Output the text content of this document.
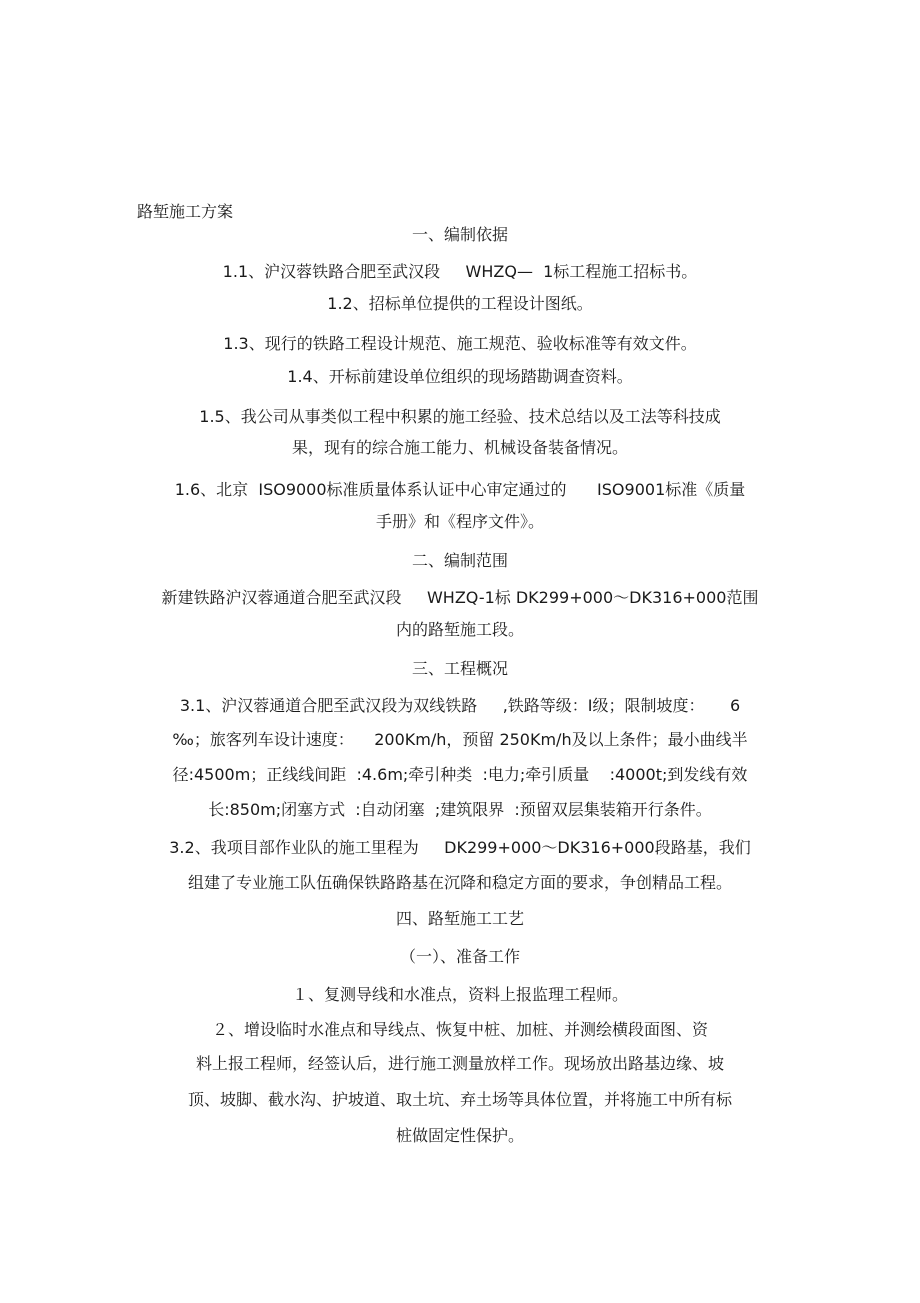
路堑施工方案

一、编制依据

1.1、沪汉蓉铁路合肥至武汉段     WHZQ—  1标工程施工招标书。

1.2、招标单位提供的工程设计图纸。

1.3、现行的铁路工程设计规范、施工规范、验收标准等有效文件。

1.4、开标前建设单位组织的现场踏勘调查资料。

1.5、我公司从事类似工程中积累的施工经验、技术总结以及工法等科技成

果，现有的综合施工能力、机械设备装备情况。

1.6、北京  ISO9000标准质量体系认证中心审定通过的      ISO9001标准《质量

手册》和《程序文件》。

二、编制范围

新建铁路沪汉蓉通道合肥至武汉段     WHZQ-1标 DK299+000～DK316+000范围

内的路堑施工段。

三、工程概况

3.1、沪汉蓉通道合肥至武汉段为双线铁路     ,铁路等级：Ⅰ级；限制坡度：     6

‰；旅客列车设计速度：    200Km/h，预留 250Km/h及以上条件；最小曲线半

径:4500m；正线线间距  :4.6m;牵引种类  :电力;牵引质量    :4000t;到发线有效

长:850m;闭塞方式  :自动闭塞  ;建筑限界  :预留双层集装箱开行条件。

3.2、我项目部作业队的施工里程为     DK299+000～DK316+000段路基，我们

组建了专业施工队伍确保铁路路基在沉降和稳定方面的要求，争创精品工程。

四、路堑施工工艺

（一）、准备工作

１、复测导线和水准点，资料上报监理工程师。

２、增设临时水准点和导线点、恢复中桩、加桩、并测绘横段面图、资

料上报工程师，经签认后，进行施工测量放样工作。现场放出路基边缘、坡

顶、坡脚、截水沟、护坡道、取土坑、弃土场等具体位置，并将施工中所有标

桩做固定性保护。
